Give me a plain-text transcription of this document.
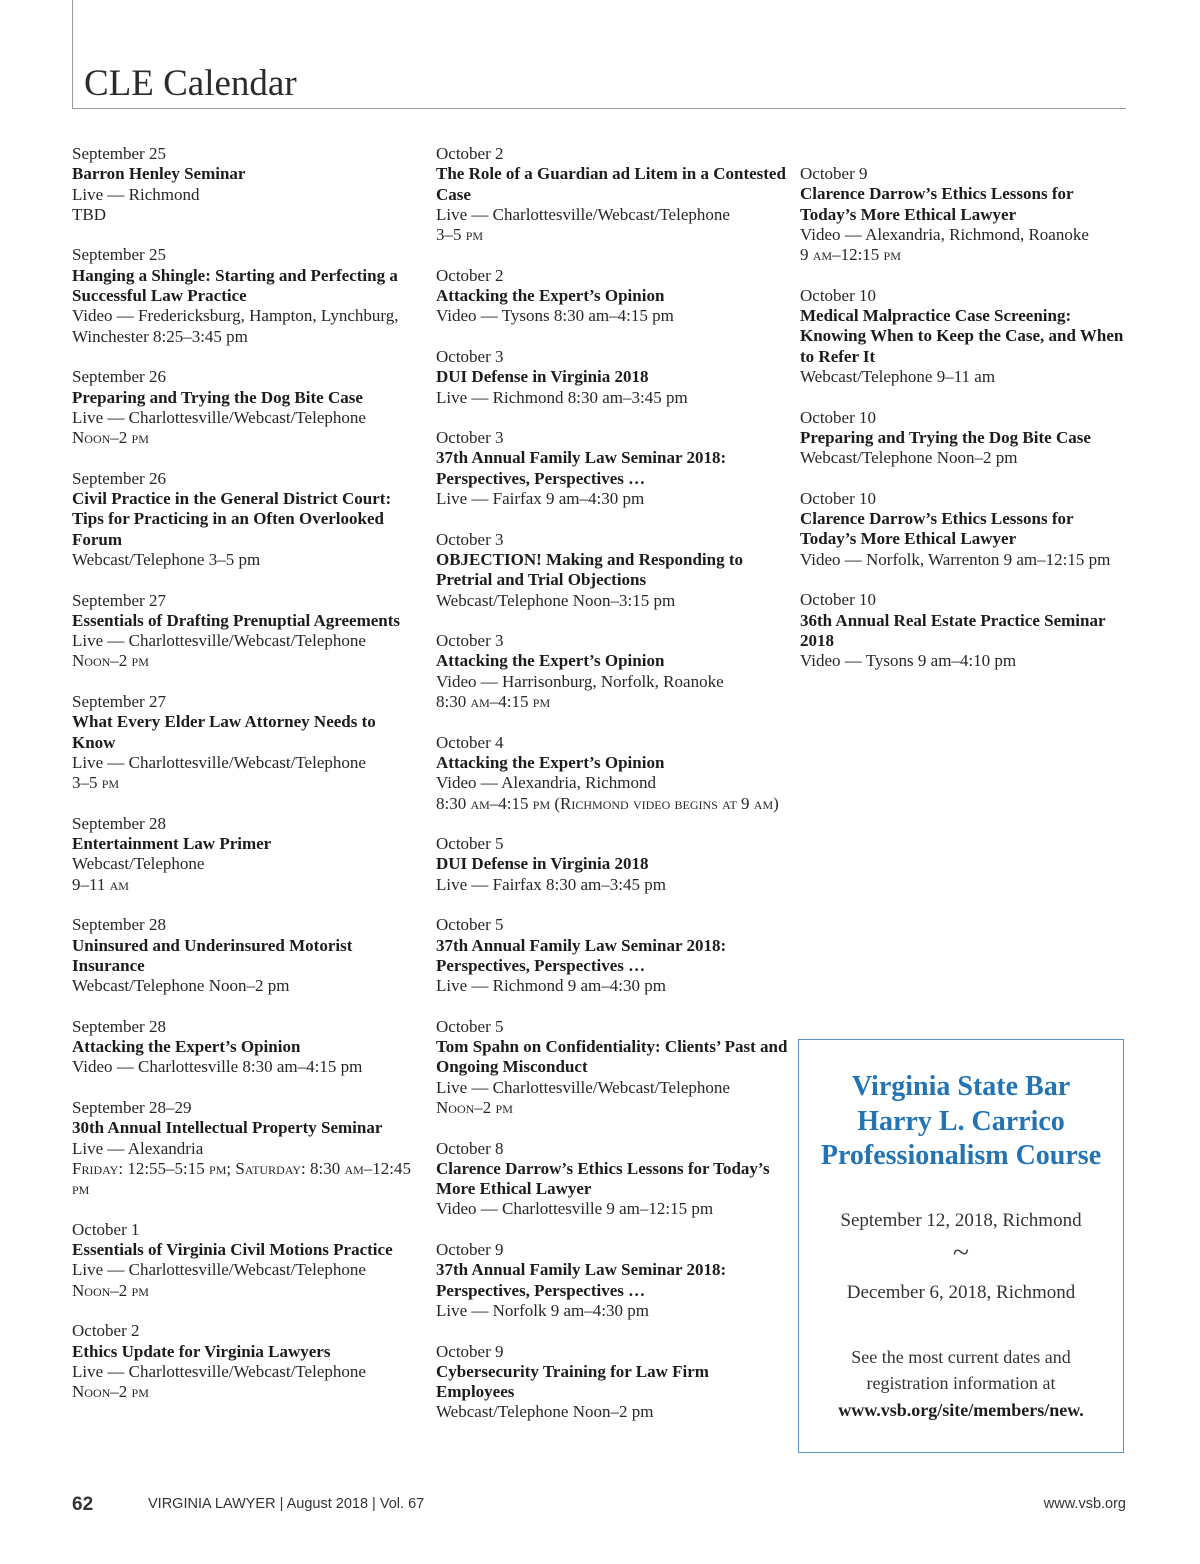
CLE Calendar
September 25
Barron Henley Seminar
Live — Richmond
TBD
September 25
Hanging a Shingle: Starting and Perfecting a Successful Law Practice
Video — Fredericksburg, Hampton, Lynchburg, Winchester 8:25–3:45 pm
September 26
Preparing and Trying the Dog Bite Case
Live — Charlottesville/Webcast/Telephone
Noon–2 pm
September 26
Civil Practice in the General District Court: Tips for Practicing in an Often Overlooked Forum
Webcast/Telephone 3–5 pm
September 27
Essentials of Drafting Prenuptial Agreements
Live — Charlottesville/Webcast/Telephone
Noon–2 pm
September 27
What Every Elder Law Attorney Needs to Know
Live — Charlottesville/Webcast/Telephone
3–5 pm
September 28
Entertainment Law Primer
Webcast/Telephone
9–11 am
September 28
Uninsured and Underinsured Motorist Insurance
Webcast/Telephone Noon–2 pm
September 28
Attacking the Expert’s Opinion
Video — Charlottesville 8:30 am–4:15 pm
September 28–29
30th Annual Intellectual Property Seminar
Live — Alexandria
Friday: 12:55–5:15 pm; Saturday: 8:30 am–12:45 pm
October 1
Essentials of Virginia Civil Motions Practice
Live — Charlottesville/Webcast/Telephone
Noon–2 pm
October 2
Ethics Update for Virginia Lawyers
Live — Charlottesville/Webcast/Telephone
Noon–2 pm
October 2
The Role of a Guardian ad Litem in a Contested Case
Live — Charlottesville/Webcast/Telephone
3–5 pm
October 2
Attacking the Expert’s Opinion
Video — Tysons 8:30 am–4:15 pm
October 3
DUI Defense in Virginia 2018
Live — Richmond 8:30 am–3:45 pm
October 3
37th Annual Family Law Seminar 2018: Perspectives, Perspectives …
Live — Fairfax 9 am–4:30 pm
October 3
OBJECTION! Making and Responding to Pretrial and Trial Objections
Webcast/Telephone Noon–3:15 pm
October 3
Attacking the Expert’s Opinion
Video — Harrisonburg, Norfolk, Roanoke
8:30 am–4:15 pm
October 4
Attacking the Expert’s Opinion
Video — Alexandria, Richmond
8:30 am–4:15 pm (Richmond video begins at 9 am)
October 5
DUI Defense in Virginia 2018
Live — Fairfax 8:30 am–3:45 pm
October 5
37th Annual Family Law Seminar 2018: Perspectives, Perspectives …
Live — Richmond 9 am–4:30 pm
October 5
Tom Spahn on Confidentiality: Clients’ Past and Ongoing Misconduct
Live — Charlottesville/Webcast/Telephone
Noon–2 pm
October 8
Clarence Darrow’s Ethics Lessons for Today’s More Ethical Lawyer
Video — Charlottesville 9 am–12:15 pm
October 9
37th Annual Family Law Seminar 2018: Perspectives, Perspectives …
Live — Norfolk 9 am–4:30 pm
October 9
Cybersecurity Training for Law Firm Employees
Webcast/Telephone Noon–2 pm
October 9
Clarence Darrow’s Ethics Lessons for Today’s More Ethical Lawyer
Video — Alexandria, Richmond, Roanoke
9 am–12:15 pm
October 10
Medical Malpractice Case Screening: Knowing When to Keep the Case, and When to Refer It
Webcast/Telephone 9–11 am
October 10
Preparing and Trying the Dog Bite Case
Webcast/Telephone Noon–2 pm
October 10
Clarence Darrow’s Ethics Lessons for Today’s More Ethical Lawyer
Video — Norfolk, Warrenton 9 am–12:15 pm
October 10
36th Annual Real Estate Practice Seminar 2018
Video — Tysons 9 am–4:10 pm
Virginia State Bar
Harry L. Carrico
Professionalism Course
September 12, 2018, Richmond
~
December 6, 2018, Richmond
See the most current dates and
registration information at
www.vsb.org/site/members/new.
62	VIRGINIA LAWYER | August 2018 | Vol. 67	www.vsb.org
